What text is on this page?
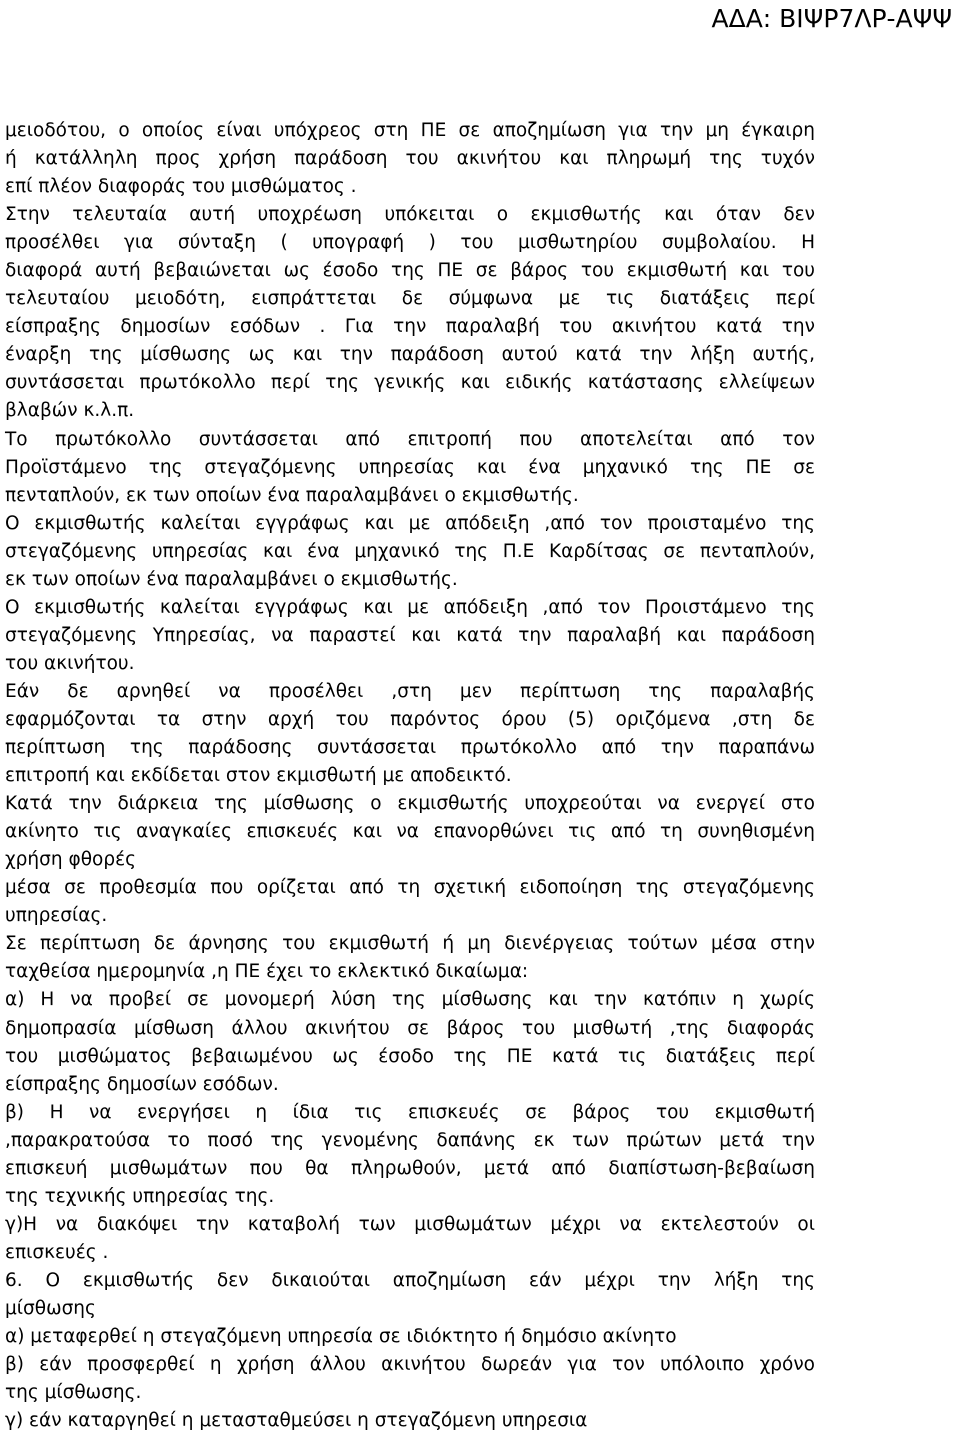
ΑΔΑ: ΒΙΨΡ7ΛΡ-ΑΨΨ
μειοδότου, ο οποίος είναι υπόχρεος στη ΠΕ σε αποζημίωση για την μη έγκαιρη
ή κατάλληλη προς χρήση παράδοση του ακινήτου και πληρωμή της τυχόν
επί πλέον διαφοράς του μισθώματος .
Στην τελευταία αυτή υποχρέωση υπόκειται ο εκμισθωτής και όταν δεν
προσέλθει για σύνταξη ( υπογραφή ) του μισθωτηρίου συμβολαίου. Η
διαφορά αυτή βεβαιώνεται ως έσοδο της ΠΕ σε βάρος του εκμισθωτή και του
τελευταίου μειοδότη, εισπράττεται δε σύμφωνα με τις διατάξεις περί
είσπραξης δημοσίων εσόδων . Για την παραλαβή του ακινήτου κατά την
έναρξη της μίσθωσης ως και την παράδοση αυτού κατά την λήξη αυτής,
συντάσσεται πρωτόκολλο περί της γενικής και ειδικής κατάστασης ελλείψεων
βλαβών κ.λ.π.
Το πρωτόκολλο συντάσσεται από επιτροπή που αποτελείται από τον
Προϊστάμενο της στεγαζόμενης υπηρεσίας και ένα μηχανικό της ΠΕ σε
πενταπλούν, εκ των οποίων ένα παραλαμβάνει ο εκμισθωτής.
Ο εκμισθωτής καλείται εγγράφως και με απόδειξη ,από τον προισταμένο της
στεγαζόμενης υπηρεσίας και ένα μηχανικό της Π.Ε Καρδίτσας σε πενταπλούν,
εκ των οποίων ένα παραλαμβάνει ο εκμισθωτής.
Ο εκμισθωτής καλείται εγγράφως και με απόδειξη ,από τον Προιστάμενο της
στεγαζόμενης Υπηρεσίας, να παραστεί και κατά την παραλαβή και παράδοση
του ακινήτου.
Εάν δε αρνηθεί να προσέλθει ,στη μεν περίπτωση της παραλαβής
εφαρμόζονται τα στην αρχή του παρόντος όρου (5) οριζόμενα ,στη δε
περίπτωση της παράδοσης συντάσσεται πρωτόκολλο από την παραπάνω
επιτροπή και εκδίδεται στον εκμισθωτή με αποδεικτό.
Κατά την διάρκεια της μίσθωσης ο εκμισθωτής υποχρεούται να ενεργεί στο
ακίνητο τις αναγκαίες επισκευές και να επανορθώνει τις από τη συνηθισμένη
χρήση φθορές
μέσα σε προθεσμία που ορίζεται από τη σχετική ειδοποίηση της στεγαζόμενης
υπηρεσίας.
Σε περίπτωση δε άρνησης του εκμισθωτή ή μη διενέργειας τούτων μέσα στην
ταχθείσα ημερομηνία ,η ΠΕ έχει το εκλεκτικό δικαίωμα:
α) Η να προβεί σε μονομερή λύση της μίσθωσης και την κατόπιν η χωρίς
δημοπρασία μίσθωση άλλου ακινήτου σε βάρος του μισθωτή ,της διαφοράς
του μισθώματος βεβαιωμένου ως έσοδο της ΠΕ κατά τις διατάξεις περί
είσπραξης δημοσίων εσόδων.
β) Η να ενεργήσει η ίδια τις επισκευές σε βάρος του εκμισθωτή
,παρακρατούσα το ποσό της γενομένης δαπάνης εκ των πρώτων μετά την
επισκευή μισθωμάτων που θα πληρωθούν, μετά από διαπίστωση-βεβαίωση
της τεχνικής υπηρεσίας της.
γ)Η να διακόψει την καταβολή των μισθωμάτων μέχρι να εκτελεστούν οι
επισκευές .
6. Ο εκμισθωτής δεν δικαιούται αποζημίωση εάν μέχρι την λήξη της
μίσθωσης
α) μεταφερθεί η στεγαζόμενη υπηρεσία σε ιδιόκτητο ή δημόσιο ακίνητο
β) εάν προσφερθεί η χρήση άλλου ακινήτου δωρεάν για τον υπόλοιπο χρόνο
της μίσθωσης.
γ) εάν καταργηθεί η μετασταθμεύσει η στεγαζόμενη υπηρεσια
